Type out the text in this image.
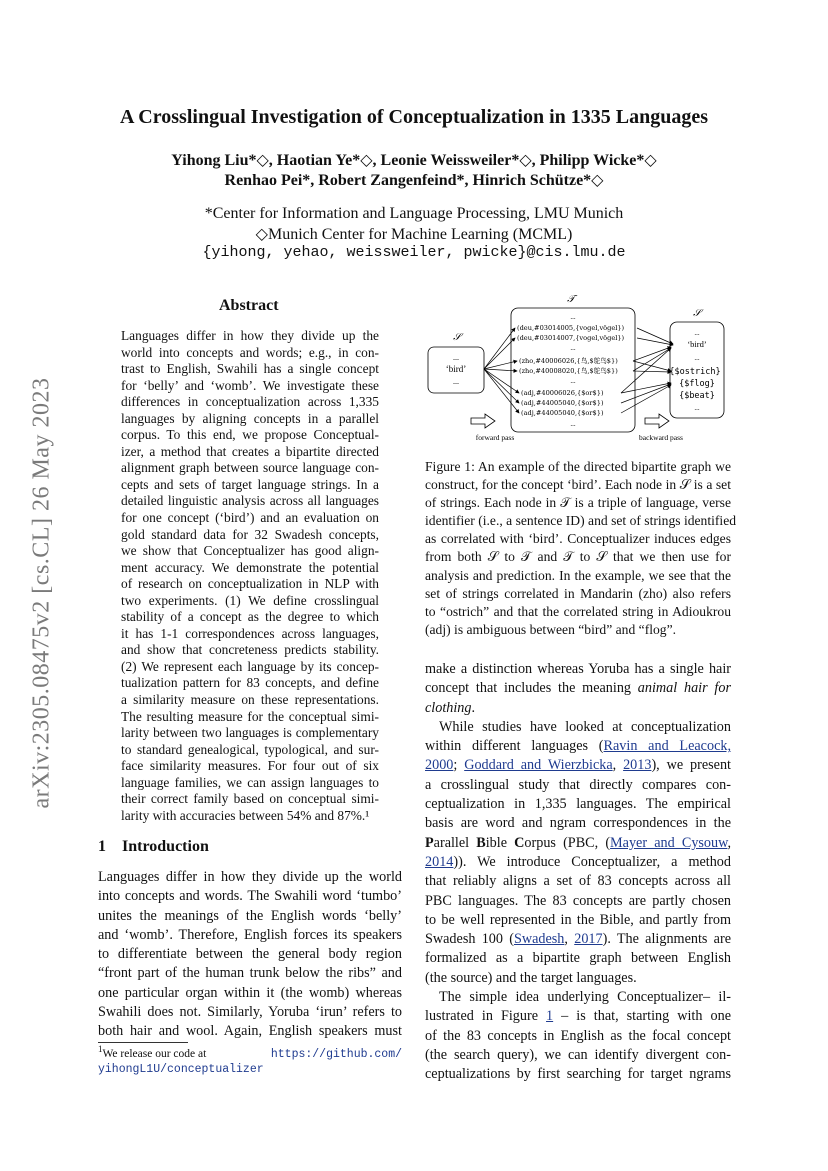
arXiv:2305.08475v2 [cs.CL] 26 May 2023
A Crosslingual Investigation of Conceptualization in 1335 Languages
Yihong Liu*◇, Haotian Ye*◇, Leonie Weissweiler*◇, Philipp Wicke*◇
Renhao Pei*, Robert Zangenfeind*, Hinrich Schütze*◇
*Center for Information and Language Processing, LMU Munich
◇Munich Center for Machine Learning (MCML)
{yihong, yehao, weissweiler, pwicke}@cis.lmu.de
Abstract
Languages differ in how they divide up the
world into concepts and words; e.g., in con-
trast to English, Swahili has a single concept
for ‘belly’ and ‘womb’. We investigate these
differences in conceptualization across 1,335
languages by aligning concepts in a parallel
corpus. To this end, we propose Conceptual-
izer, a method that creates a bipartite directed
alignment graph between source language con-
cepts and sets of target language strings. In a
detailed linguistic analysis across all languages
for one concept (‘bird’) and an evaluation on
gold standard data for 32 Swadesh concepts,
we show that Conceptualizer has good align-
ment accuracy. We demonstrate the potential
of research on conceptualization in NLP with
two experiments. (1) We define crosslingual
stability of a concept as the degree to which
it has 1-1 correspondences across languages,
and show that concreteness predicts stability.
(2) We represent each language by its concep-
tualization pattern for 83 concepts, and define
a similarity measure on these representations.
The resulting measure for the conceptual simi-
larity between two languages is complementary
to standard genealogical, typological, and sur-
face similarity measures. For four out of six
language families, we can assign languages to
their correct family based on conceptual simi-
larity with accuracies between 54% and 87%.¹
1 Introduction
Languages differ in how they divide up the world
into concepts and words. The Swahili word ‘tumbo’
unites the meanings of the English words ‘belly’
and ‘womb’. Therefore, English forces its speakers
to differentiate between the general body region
“front part of the human trunk below the ribs” and
one particular organ within it (the womb) whereas
Swahili does not. Similarly, Yoruba ‘irun’ refers to
both hair and wool. Again, English speakers must
$^1$We release our code at	https://github.com/
yihongL1U/conceptualizer
𝒮
...
‘bird’
...
𝒯
...
(deu,#03014005,{vogel,vögel})
(deu,#03014007,{vogel,vögel})
...
(zho,#40006026,{鸟,$鸵鸟$})
(zho,#40008020,{鸟,$鸵鸟$})
...
(adj,#40006026,{$or$})
(adj,#44005040,{$or$})
(adj,#44005040,{$or$})
...
𝒮
...
‘bird’
...
{$ostrich}
{$flog}
{$beat}
...
forward pass	backward pass
Figure 1: An example of the directed bipartite graph we
construct, for the concept ‘bird’. Each node in 𝒮 is a set
of strings. Each node in 𝒯 is a triple of language, verse
identifier (i.e., a sentence ID) and set of strings identified
as correlated with ‘bird’. Conceptualizer induces edges
from both 𝒮 to 𝒯 and 𝒯 to 𝒮 that we then use for
analysis and prediction. In the example, we see that the
set of strings correlated in Mandarin (zho) also refers
to “ostrich” and that the correlated string in Adioukrou
(adj) is ambiguous between “bird” and “flog”.
make a distinction whereas Yoruba has a single hair
concept that includes the meaning animal hair for
clothing.
While studies have looked at conceptualization
within different languages (Ravin and Leacock,
2000; Goddard and Wierzbicka, 2013), we present
a crosslingual study that directly compares con-
ceptualization in 1,335 languages. The empirical
basis are word and ngram correspondences in the
Parallel Bible Corpus (PBC, (Mayer and Cysouw,
2014)). We introduce Conceptualizer, a method
that reliably aligns a set of 83 concepts across all
PBC languages. The 83 concepts are partly chosen
to be well represented in the Bible, and partly from
Swadesh 100 (Swadesh, 2017). The alignments are
formalized as a bipartite graph between English
(the source) and the target languages.
The simple idea underlying Conceptualizer– il-
lustrated in Figure 1 – is that, starting with one
of the 83 concepts in English as the focal concept
(the search query), we can identify divergent con-
ceptualizations by first searching for target ngrams
